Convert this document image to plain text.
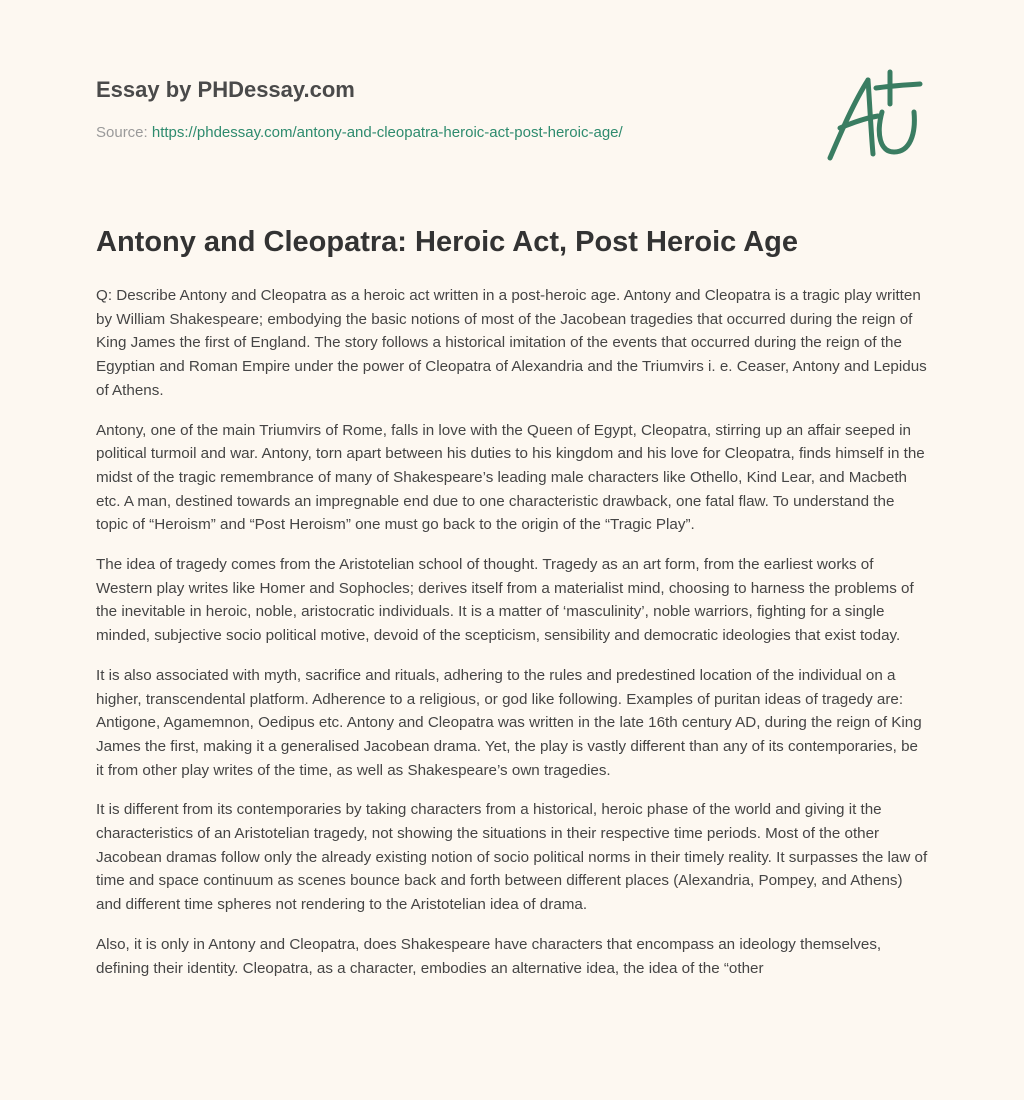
Essay by PHDessay.com
Source: https://phdessay.com/antony-and-cleopatra-heroic-act-post-heroic-age/
Antony and Cleopatra: Heroic Act, Post Heroic Age

Q: Describe Antony and Cleopatra as a heroic act written in a post-heroic age. Antony and Cleopatra is a tragic play written by William Shakespeare; embodying the basic notions of most of the Jacobean tragedies that occurred during the reign of King James the first of England. The story follows a historical imitation of the events that occurred during the reign of the Egyptian and Roman Empire under the power of Cleopatra of Alexandria and the Triumvirs i. e. Ceaser, Antony and Lepidus of Athens.

Antony, one of the main Triumvirs of Rome, falls in love with the Queen of Egypt, Cleopatra, stirring up an affair seeped in political turmoil and war. Antony, torn apart between his duties to his kingdom and his love for Cleopatra, finds himself in the midst of the tragic remembrance of many of Shakespeare’s leading male characters like Othello, Kind Lear, and Macbeth etc. A man, destined towards an impregnable end due to one characteristic drawback, one fatal flaw. To understand the topic of “Heroism” and “Post Heroism” one must go back to the origin of the “Tragic Play”.

The idea of tragedy comes from the Aristotelian school of thought. Tragedy as an art form, from the earliest works of Western play writes like Homer and Sophocles; derives itself from a materialist mind, choosing to harness the problems of the inevitable in heroic, noble, aristocratic individuals. It is a matter of ‘masculinity’, noble warriors, fighting for a single minded, subjective socio political motive, devoid of the scepticism, sensibility and democratic ideologies that exist today.

It is also associated with myth, sacrifice and rituals, adhering to the rules and predestined location of the individual on a higher, transcendental platform. Adherence to a religious, or god like following. Examples of puritan ideas of tragedy are: Antigone, Agamemnon, Oedipus etc. Antony and Cleopatra was written in the late 16th century AD, during the reign of King James the first, making it a generalised Jacobean drama. Yet, the play is vastly different than any of its contemporaries, be it from other play writes of the time, as well as Shakespeare’s own tragedies.

It is different from its contemporaries by taking characters from a historical, heroic phase of the world and giving it the characteristics of an Aristotelian tragedy, not showing the situations in their respective time periods. Most of the other Jacobean dramas follow only the already existing notion of socio political norms in their timely reality. It surpasses the law of time and space continuum as scenes bounce back and forth between different places (Alexandria, Pompey, and Athens) and different time spheres not rendering to the Aristotelian idea of drama.

Also, it is only in Antony and Cleopatra, does Shakespeare have characters that encompass an ideology themselves, defining their identity. Cleopatra, as a character, embodies an alternative idea, the idea of the “other
